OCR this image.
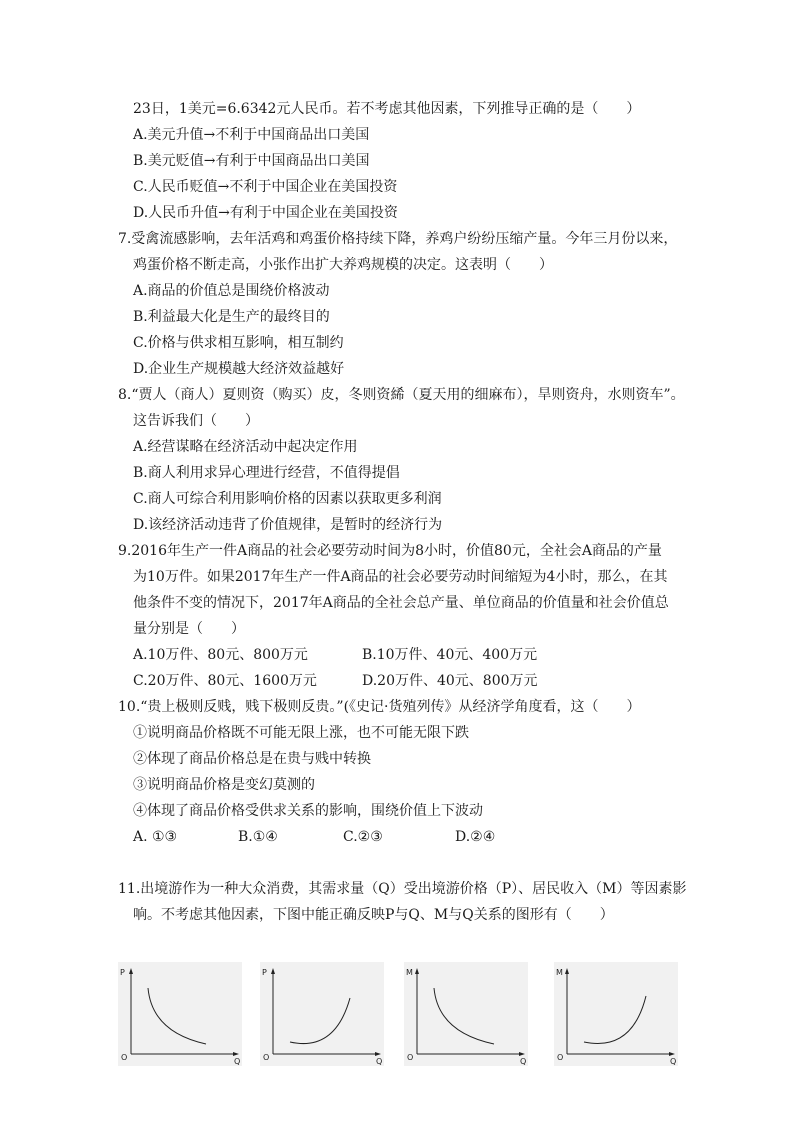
23日，1美元=6.6342元人民币。若不考虑其他因素，下列推导正确的是（　　）
A.美元升值→不利于中国商品出口美国
B.美元贬值→有利于中国商品出口美国
C.人民币贬值→不利于中国企业在美国投资
D.人民币升值→有利于中国企业在美国投资
7.受禽流感影响，去年活鸡和鸡蛋价格持续下降，养鸡户纷纷压缩产量。今年三月份以来，
鸡蛋价格不断走高，小张作出扩大养鸡规模的决定。这表明（　　）
A.商品的价值总是围绕价格波动
B.利益最大化是生产的最终目的
C.价格与供求相互影响，相互制约
D.企业生产规模越大经济效益越好
8.“贾人（商人）夏则资（购买）皮，冬则资絺（夏天用的细麻布），旱则资舟，水则资车”。
这告诉我们（　　）
A.经营谋略在经济活动中起决定作用
B.商人利用求异心理进行经营，不值得提倡
C.商人可综合利用影响价格的因素以获取更多利润
D.该经济活动违背了价值规律，是暂时的经济行为
9.2016年生产一件A商品的社会必要劳动时间为8小时，价值80元，全社会A商品的产量
为10万件。如果2017年生产一件A商品的社会必要劳动时间缩短为4小时，那么，在其
他条件不变的情况下，2017年A商品的全社会总产量、单位商品的价值量和社会价值总
量分别是（　　）
A.10万件、80元、800万元	B.10万件、40元、400万元
C.20万件、80元、1600万元	D.20万件、40元、800万元
10.“贵上极则反贱，贱下极则反贵。”(《史记·货殖列传》从经济学角度看，这（　　）
①说明商品价格既不可能无限上涨，也不可能无限下跌
②体现了商品价格总是在贵与贱中转换
③说明商品价格是变幻莫测的
④体现了商品价格受供求关系的影响，围绕价值上下波动
A. ①③	B.①④	C.②③	D.②④
11.出境游作为一种大众消费，其需求量（Q）受出境游价格（P）、居民收入（M）等因素影
响。不考虑其他因素，下图中能正确反映P与Q、M与Q关系的图形有（　　）
P
Q
O
P
Q
O
M
Q
O
M
Q
O
